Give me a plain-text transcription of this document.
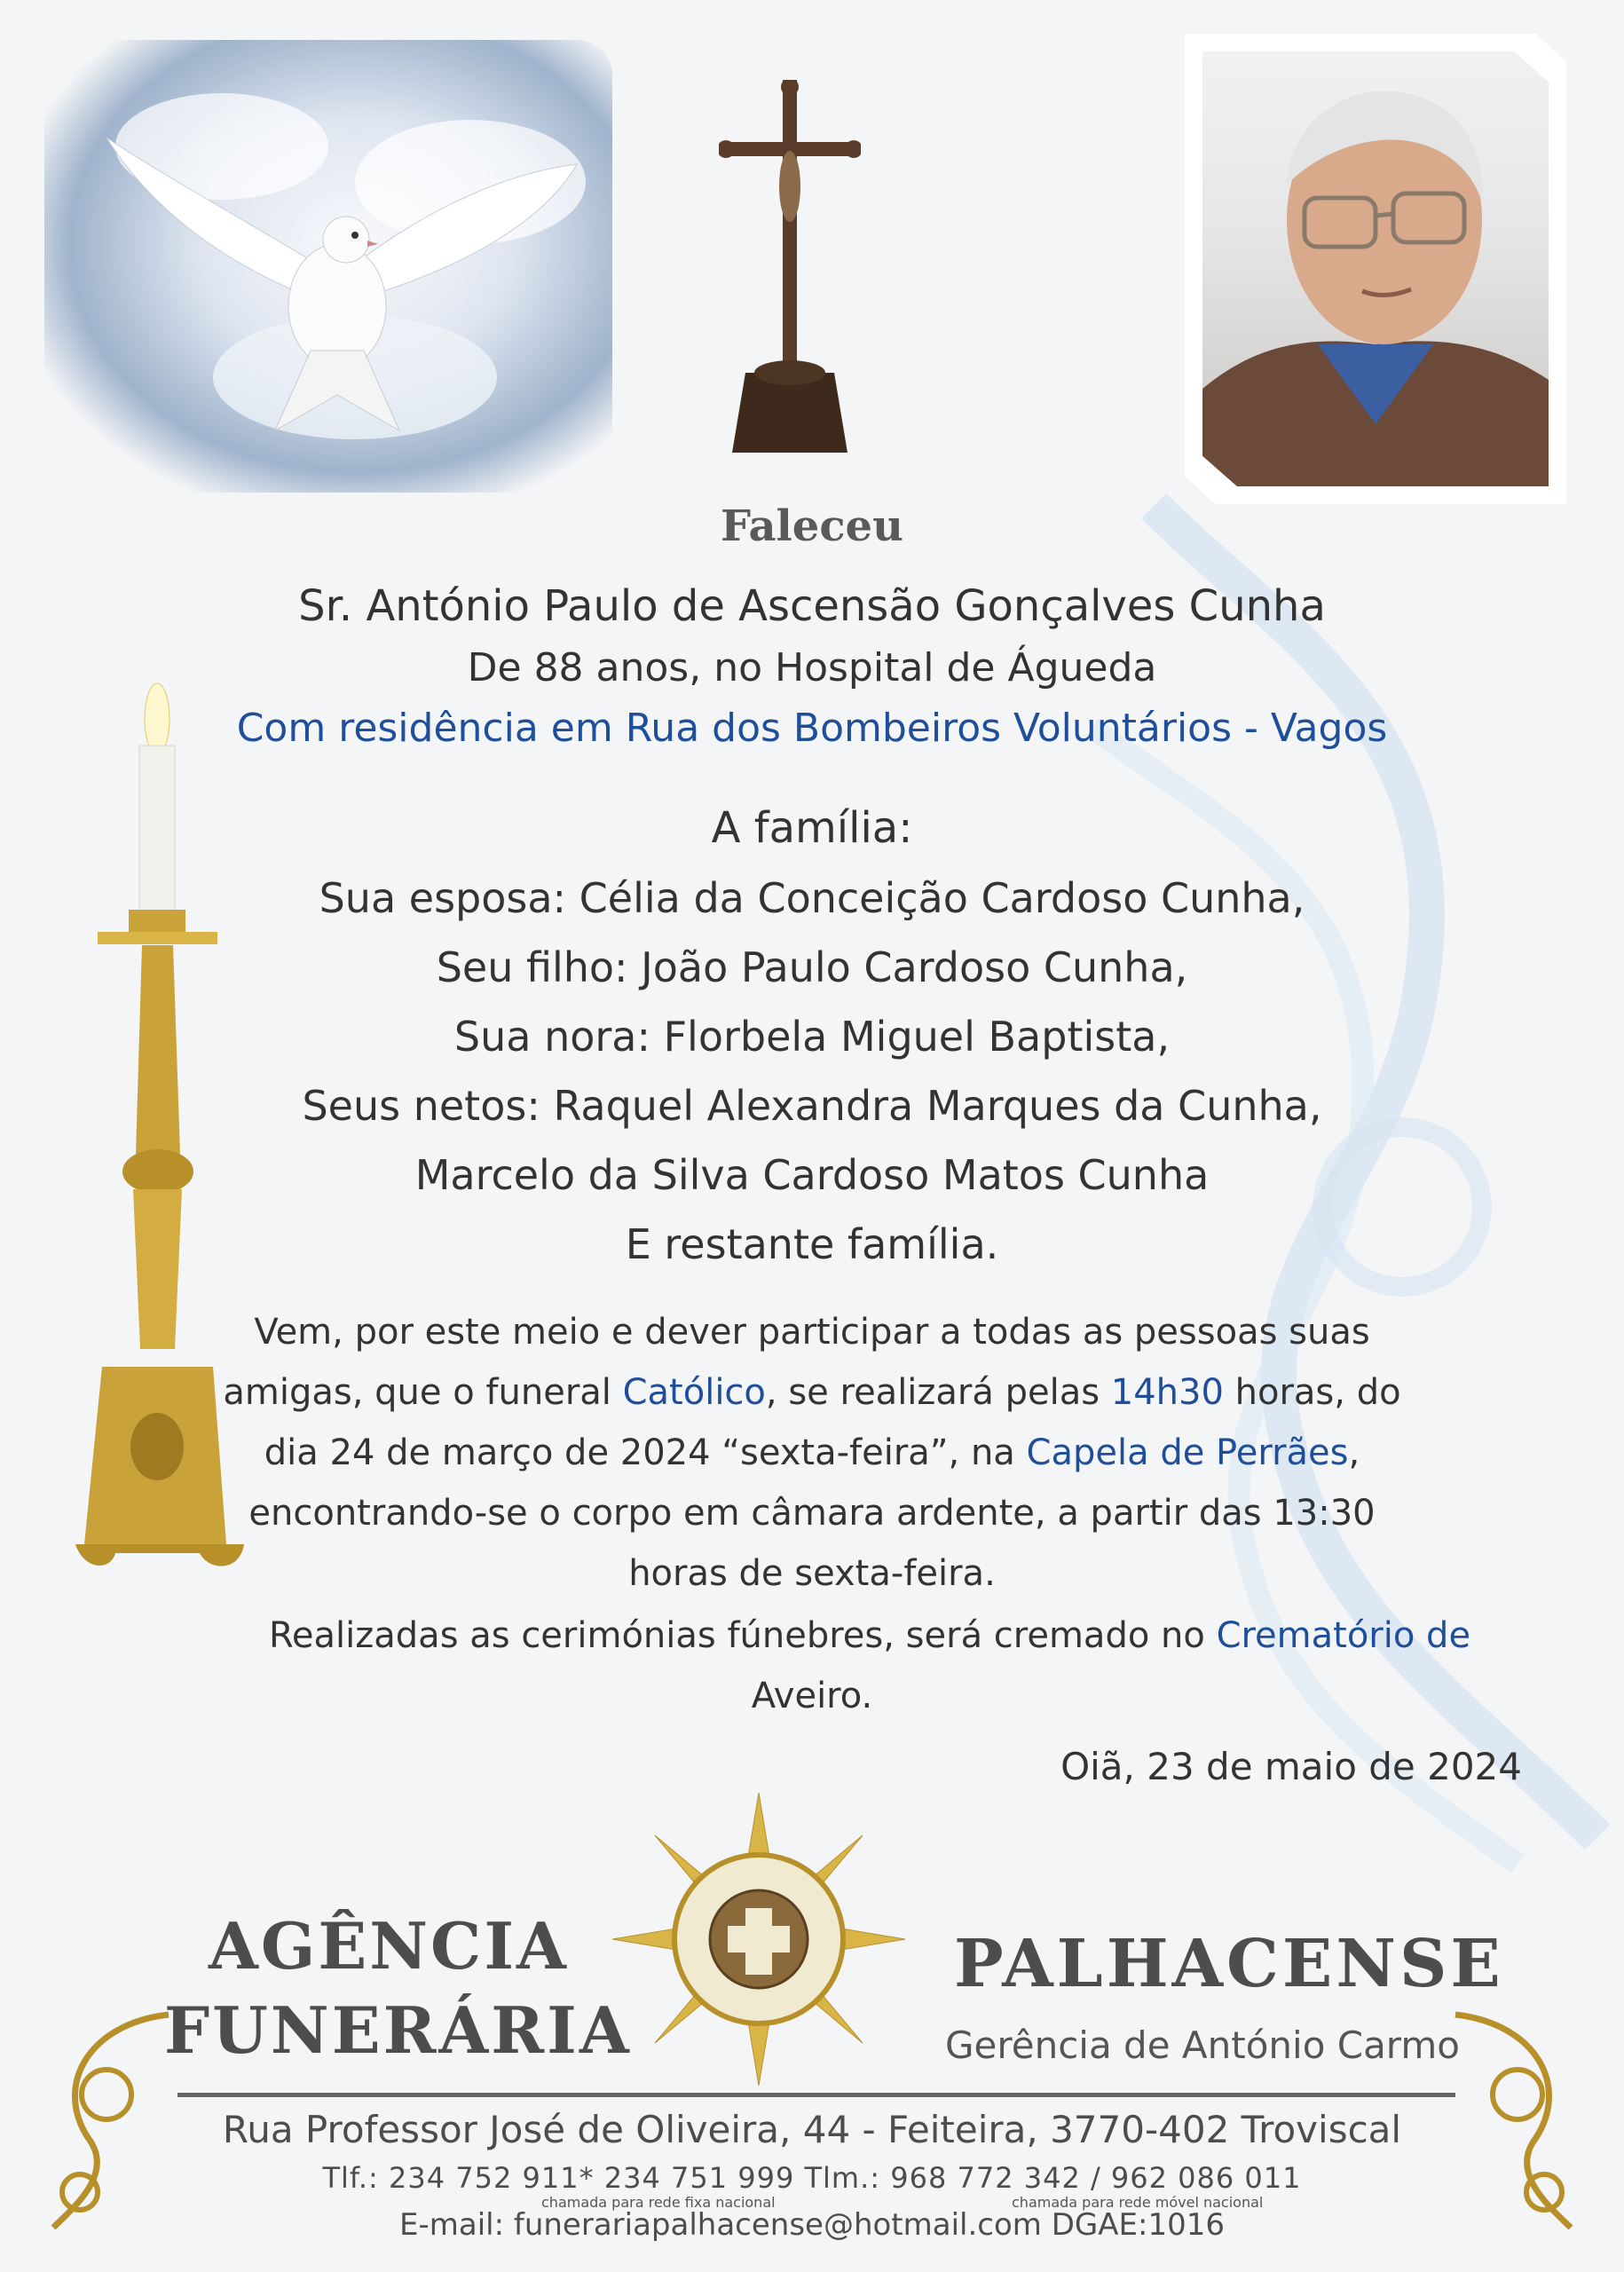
Faleceu
Sr. António Paulo de Ascensão Gonçalves Cunha
De 88 anos, no Hospital de Águeda
Com residência em Rua dos Bombeiros Voluntários - Vagos
A família:
Sua esposa: Célia da Conceição Cardoso Cunha,
Seu filho: João Paulo Cardoso Cunha,
Sua nora: Florbela Miguel Baptista,
Seus netos: Raquel Alexandra Marques da Cunha,
Marcelo da Silva Cardoso Matos Cunha
E restante família.
Vem, por este meio e dever participar a todas as pessoas suas
amigas, que o funeral Católico, se realizará pelas 14h30 horas, do
dia 24 de março de 2024 “sexta-feira”, na Capela de Perrães,
encontrando-se o corpo em câmara ardente, a partir das 13:30
horas de sexta-feira.
Realizadas as cerimónias fúnebres, será cremado no Crematório de
Aveiro.
Oiã, 23 de maio de 2024
AGÊNCIA
FUNERÁRIA
PALHACENSE
Gerência de António Carmo
Rua Professor José de Oliveira, 44 - Feiteira, 3770-402 Troviscal
Tlf.: 234 752 911* 234 751 999 Tlm.: 968 772 342 / 962 086 011
chamada para rede fixa nacional	chamada para rede móvel nacional
E-mail: funerariapalhacense@hotmail.com DGAE:1016
